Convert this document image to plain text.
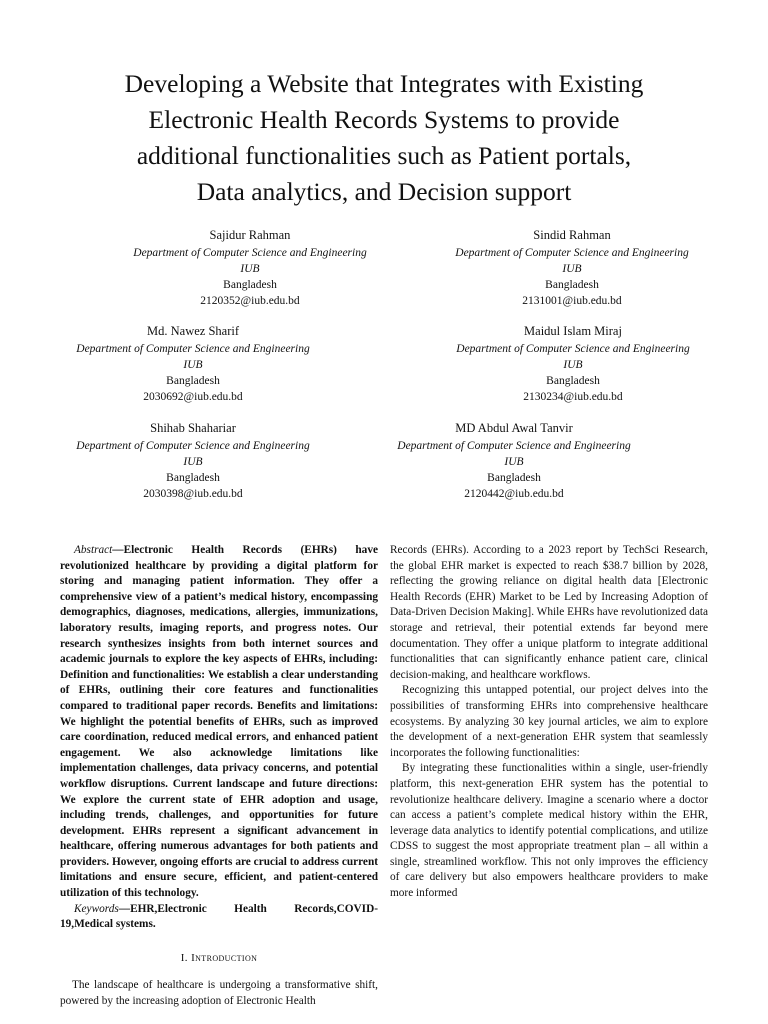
Developing a Website that Integrates with Existing
Electronic Health Records Systems to provide
additional functionalities such as Patient portals,
Data analytics, and Decision support
Sajidur Rahman
Department of Computer Science and Engineering
IUB
Bangladesh
2120352@iub.edu.bd
Sindid Rahman
Department of Computer Science and Engineering
IUB
Bangladesh
2131001@iub.edu.bd
Md. Nawez Sharif
Department of Computer Science and Engineering
IUB
Bangladesh
2030692@iub.edu.bd
Maidul Islam Miraj
Department of Computer Science and Engineering
IUB
Bangladesh
2130234@iub.edu.bd
Shihab Shahariar
Department of Computer Science and Engineering
IUB
Bangladesh
2030398@iub.edu.bd
MD Abdul Awal Tanvir
Department of Computer Science and Engineering
IUB
Bangladesh
2120442@iub.edu.bd

Abstract—Electronic Health Records (EHRs) have revolutionized healthcare by providing a digital platform for storing and managing patient information. They offer a comprehensive view of a patient’s medical history, encompassing demographics, diagnoses, medications, allergies, immunizations, laboratory results, imaging reports, and progress notes. Our research synthesizes insights from both internet sources and academic journals to explore the key aspects of EHRs, including: Definition and functionalities: We establish a clear understanding of EHRs, outlining their core features and functionalities compared to traditional paper records. Benefits and limitations: We highlight the potential benefits of EHRs, such as improved care coordination, reduced medical errors, and enhanced patient engagement. We also acknowledge limitations like implementation challenges, data privacy concerns, and potential workflow disruptions. Current landscape and future directions: We explore the current state of EHR adoption and usage, including trends, challenges, and opportunities for future development. EHRs represent a significant advancement in healthcare, offering numerous advantages for both patients and providers. However, ongoing efforts are crucial to address current limitations and ensure secure, efficient, and patient-centered utilization of this technology.

Keywords—EHR,Electronic Health Records,COVID-19,Medical systems.

I. Introduction

The landscape of healthcare is undergoing a transformative shift, powered by the increasing adoption of Electronic Health

Records (EHRs). According to a 2023 report by TechSci Research, the global EHR market is expected to reach $38.7 billion by 2028, reflecting the growing reliance on digital health data [Electronic Health Records (EHR) Market to be Led by Increasing Adoption of Data-Driven Decision Making]. While EHRs have revolutionized data storage and retrieval, their potential extends far beyond mere documentation. They offer a unique platform to integrate additional functionalities that can significantly enhance patient care, clinical decision-making, and healthcare workflows.

Recognizing this untapped potential, our project delves into the possibilities of transforming EHRs into comprehensive healthcare ecosystems. By analyzing 30 key journal articles, we aim to explore the development of a next-generation EHR system that seamlessly incorporates the following functionalities:

By integrating these functionalities within a single, user-friendly platform, this next-generation EHR system has the potential to revolutionize healthcare delivery. Imagine a scenario where a doctor can access a patient’s complete medical history within the EHR, leverage data analytics to identify potential complications, and utilize CDSS to suggest the most appropriate treatment plan – all within a single, streamlined workflow. This not only improves the efficiency of care delivery but also empowers healthcare providers to make more informed
